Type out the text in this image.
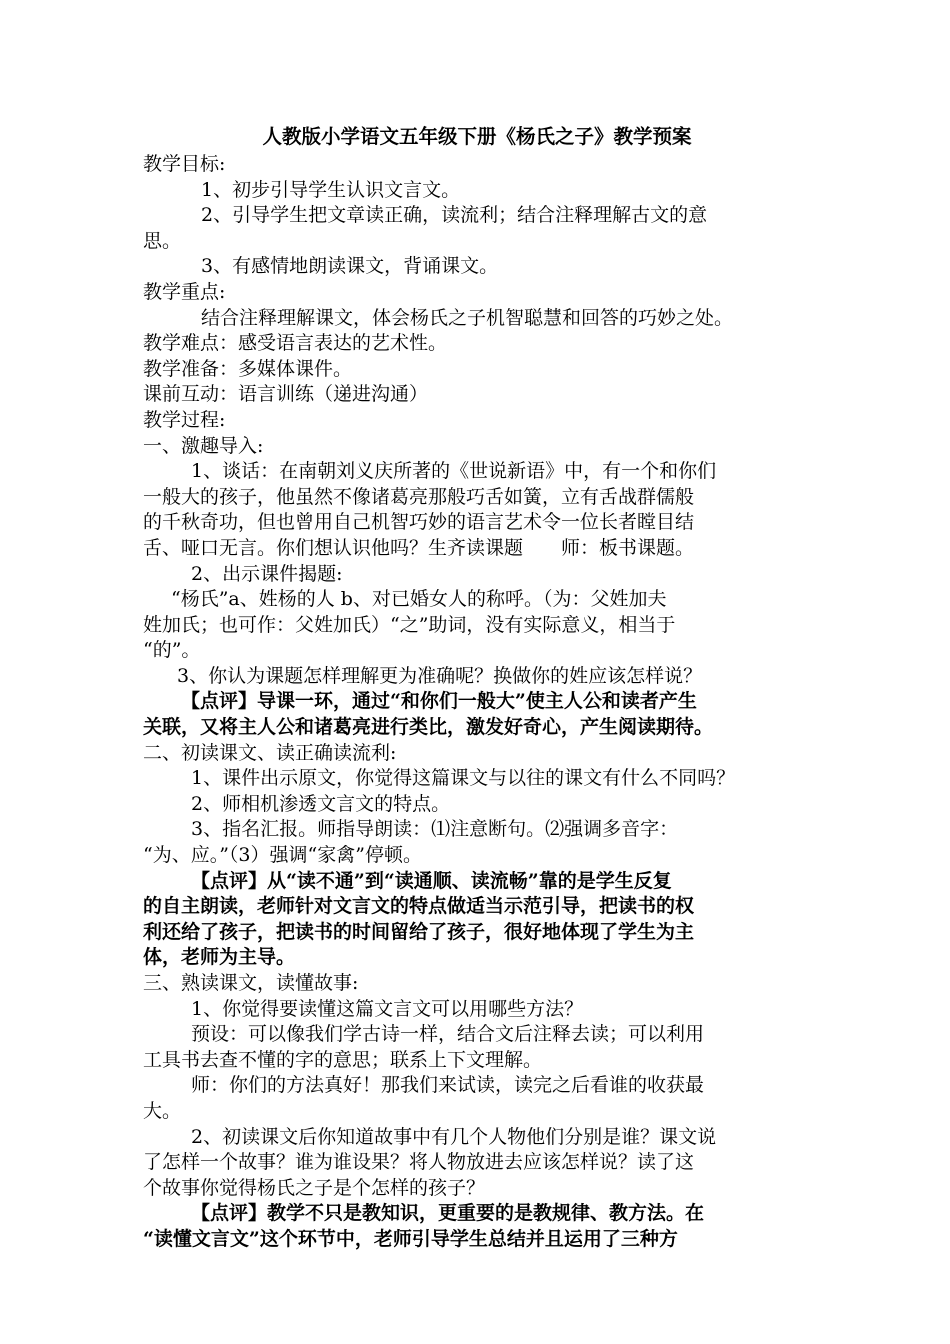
人教版小学语文五年级下册《杨氏之子》教学预案
教学目标:
1、初步引导学生认识文言文。
2、引导学生把文章读正确，读流利；结合注释理解古文的意
思。
3、有感情地朗读课文，背诵课文。
教学重点:
结合注释理解课文，体会杨氏之子机智聪慧和回答的巧妙之处。
教学难点：感受语言表达的艺术性。
教学准备：多媒体课件。
课前互动：语言训练（递进沟通）
教学过程:
一、激趣导入:
1、谈话：在南朝刘义庆所著的《世说新语》中，有一个和你们
一般大的孩子，他虽然不像诸葛亮那般巧舌如簧，立有舌战群儒般
的千秋奇功，但也曾用自己机智巧妙的语言艺术令一位长者瞠目结
舌、哑口无言。你们想认识他吗？生齐读课题　　师：板书课题。
2、出示课件揭题:
“杨氏”a、姓杨的人 b、对已婚女人的称呼。（为：父姓加夫
姓加氏；也可作：父姓加氏）“之”助词，没有实际意义，相当于
“的”。
3、你认为课题怎样理解更为准确呢？换做你的姓应该怎样说？
【点评】导课一环，通过“和你们一般大”使主人公和读者产生
关联，又将主人公和诸葛亮进行类比，激发好奇心，产生阅读期待。
二、初读课文、读正确读流利:
1、课件出示原文，你觉得这篇课文与以往的课文有什么不同吗？
2、师相机渗透文言文的特点。
3、指名汇报。师指导朗读：⑴注意断句。⑵强调多音字：
“为、应。”（3）强调“家禽”停顿。
【点评】从“读不通”到“读通顺、读流畅”靠的是学生反复
的自主朗读，老师针对文言文的特点做适当示范引导，把读书的权
利还给了孩子，把读书的时间留给了孩子，很好地体现了学生为主
体，老师为主导。
三、熟读课文，读懂故事:
1、你觉得要读懂这篇文言文可以用哪些方法？
预设：可以像我们学古诗一样，结合文后注释去读；可以利用
工具书去查不懂的字的意思；联系上下文理解。
师：你们的方法真好！那我们来试读，读完之后看谁的收获最
大。
2、初读课文后你知道故事中有几个人物他们分别是谁？课文说
了怎样一个故事？谁为谁设果？将人物放进去应该怎样说？读了这
个故事你觉得杨氏之子是个怎样的孩子？
【点评】教学不只是教知识，更重要的是教规律、教方法。在
“读懂文言文”这个环节中，老师引导学生总结并且运用了三种方
